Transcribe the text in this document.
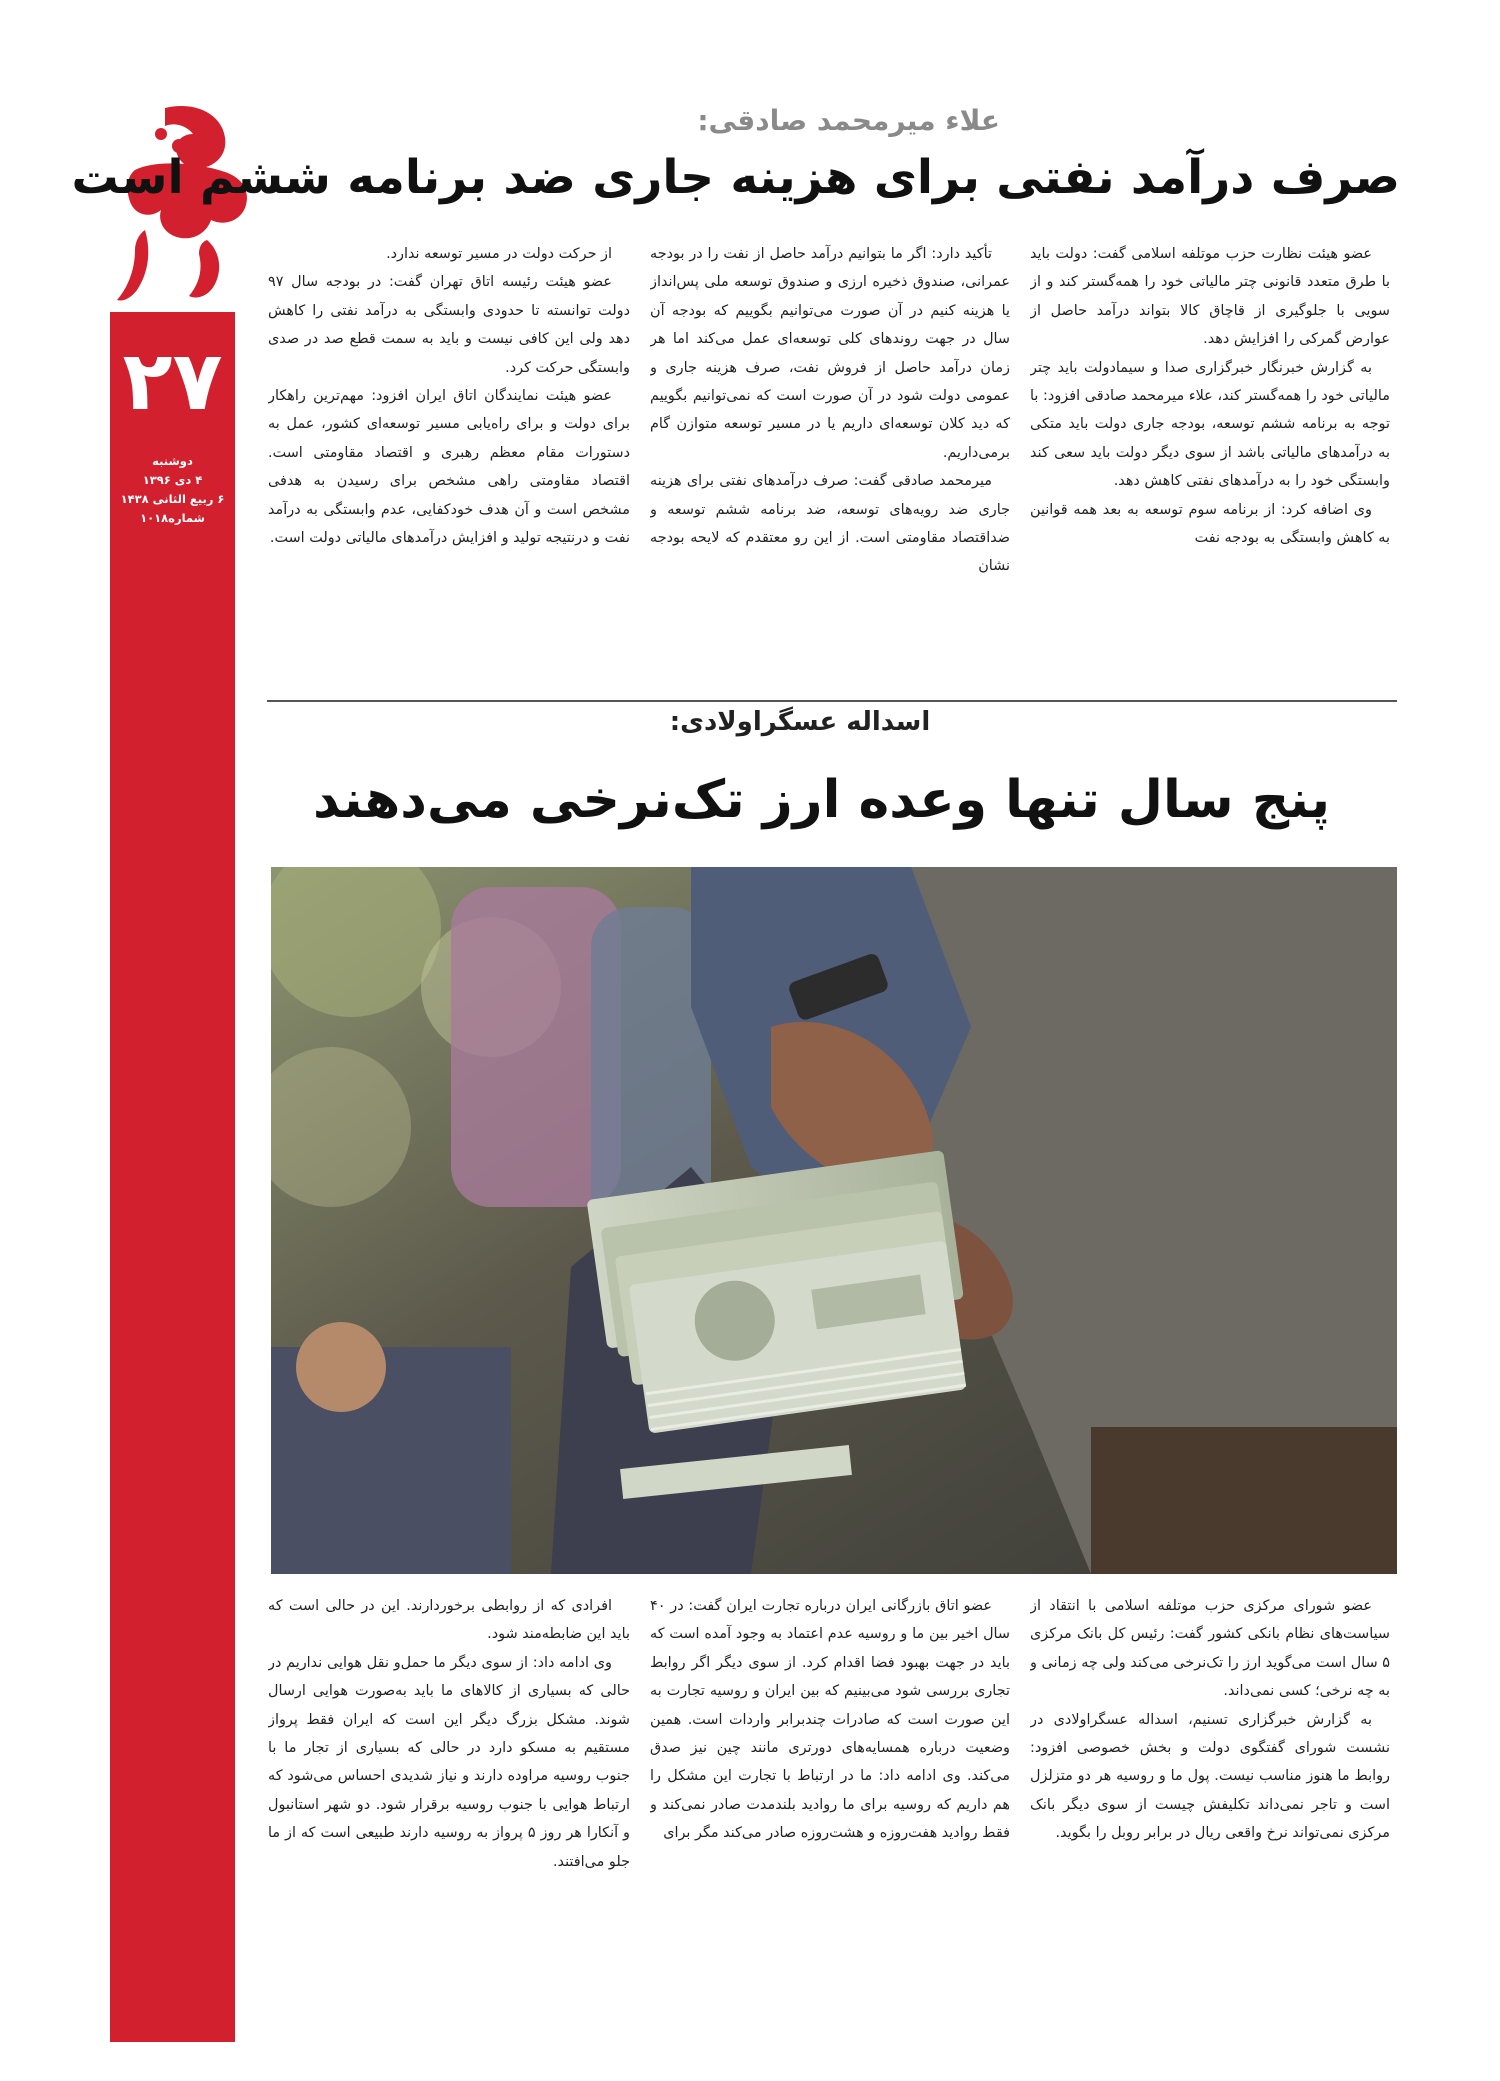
۲۷
دوشنبه
۴ دی ۱۳۹۶
۶ ربیع الثانی ۱۴۳۸
شماره۱۰۱۸
علاء میرمحمد صادقی:
صرف درآمد نفتی برای هزینه جاری ضد برنامه ششم است

عضو هیئت نظارت حزب موتلفه اسلامی گفت: دولت باید با طرق متعدد قانونی چتر مالیاتی خود را همه‌گستر کند و از سویی با جلوگیری از قاچاق کالا بتواند درآمد حاصل از عوارض گمرکی را افزایش دهد.

به گزارش خبرنگار خبرگزاری صدا و سیمادولت باید چتر مالیاتی خود را همه‌گستر کند، علاء میرمحمد صادقی افزود: با توجه به برنامه ششم توسعه، بودجه جاری دولت باید متکی به درآمدهای مالیاتی باشد از سوی دیگر دولت باید سعی کند وابستگی خود را به درآمدهای نفتی کاهش دهد.

وی اضافه کرد: از برنامه سوم توسعه به بعد همه قوانین به کاهش وابستگی به بودجه نفت

تأکید دارد: اگر ما بتوانیم درآمد حاصل از نفت را در بودجه عمرانی، صندوق ذخیره ارزی و صندوق توسعه ملی پس‌انداز یا هزینه کنیم در آن صورت می‌توانیم بگوییم که بودجه آن سال در جهت روندهای کلی توسعه‌ای عمل می‌کند اما هر زمان درآمد حاصل از فروش نفت، صرف هزینه جاری و عمومی دولت شود در آن صورت است که نمی‌توانیم بگوییم که دید کلان توسعه‌ای داریم یا در مسیر توسعه متوازن گام برمی‌داریم.

میرمحمد صادقی گفت: صرف درآمدهای نفتی برای هزینه جاری ضد رویه‌های توسعه، ضد برنامه ششم توسعه و ضداقتصاد مقاومتی است. از این رو معتقدم که لایحه بودجه نشان

از حرکت دولت در مسیر توسعه ندارد.

عضو هیئت رئیسه اتاق تهران گفت: در بودجه سال ۹۷ دولت توانسته تا حدودی وابستگی به درآمد نفتی را کاهش دهد ولی این کافی نیست و باید به سمت قطع صد در صدی وابستگی حرکت کرد.

عضو هیئت نمایندگان اتاق ایران افزود: مهم‌ترین راهکار برای دولت و برای راه‌یابی مسیر توسعه‌ای کشور، عمل به دستورات مقام معظم رهبری و اقتصاد مقاومتی است. اقتصاد مقاومتی راهی مشخص برای رسیدن به هدفی مشخص است و آن هدف خودکفایی، عدم وابستگی به درآمد نفت و درنتیجه تولید و افزایش درآمدهای مالیاتی دولت است.

اسداله عسگراولادی:
پنج سال تنها وعده ارز تک‌نرخی می‌دهند

عضو شورای مرکزی حزب موتلفه اسلامی با انتقاد از سیاست‌های نظام بانکی کشور گفت: رئیس کل بانک مرکزی ۵ سال است می‌گوید ارز را تک‌نرخی می‌کند ولی چه زمانی و به چه نرخی؛ کسی نمی‌داند.

به گزارش خبرگزاری تسنیم، اسداله عسگراولادی در نشست شورای گفتگوی دولت و بخش خصوصی افزود: روابط ما هنوز مناسب نیست. پول ما و روسیه هر دو متزلزل است و تاجر نمی‌داند تکلیفش چیست از سوی دیگر بانک مرکزی نمی‌تواند نرخ واقعی ریال در برابر روبل را بگوید.

عضو اتاق بازرگانی ایران درباره تجارت ایران گفت: در ۴۰ سال اخیر بین ما و روسیه عدم اعتماد به وجود آمده است که باید در جهت بهبود فضا اقدام کرد. از سوی دیگر اگر روابط تجاری بررسی شود می‌بینیم که بین ایران و روسیه تجارت به این صورت است که صادرات چندبرابر واردات است. همین وضعیت درباره همسایه‌های دورتری مانند چین نیز صدق می‌کند. وی ادامه داد: ما در ارتباط با تجارت این مشکل را هم داریم که روسیه برای ما روادید بلندمدت صادر نمی‌کند و فقط روادید هفت‌روزه و هشت‌روزه صادر می‌کند مگر برای

افرادی که از روابطی برخوردارند. این در حالی است که باید این ضابطه‌مند شود.

وی ادامه داد: از سوی دیگر ما حمل‌و نقل هوایی نداریم در حالی که بسیاری از کالاهای ما باید به‌صورت هوایی ارسال شوند. مشکل بزرگ دیگر این است که ایران فقط پرواز مستقیم به مسکو دارد در حالی که بسیاری از تجار ما با جنوب روسیه مراوده دارند و نیاز شدیدی احساس می‌شود که ارتباط هوایی با جنوب روسیه برقرار شود. دو شهر استانبول و آنکارا هر روز ۵ پرواز به روسیه دارند طبیعی است که از ما جلو می‌افتند.
